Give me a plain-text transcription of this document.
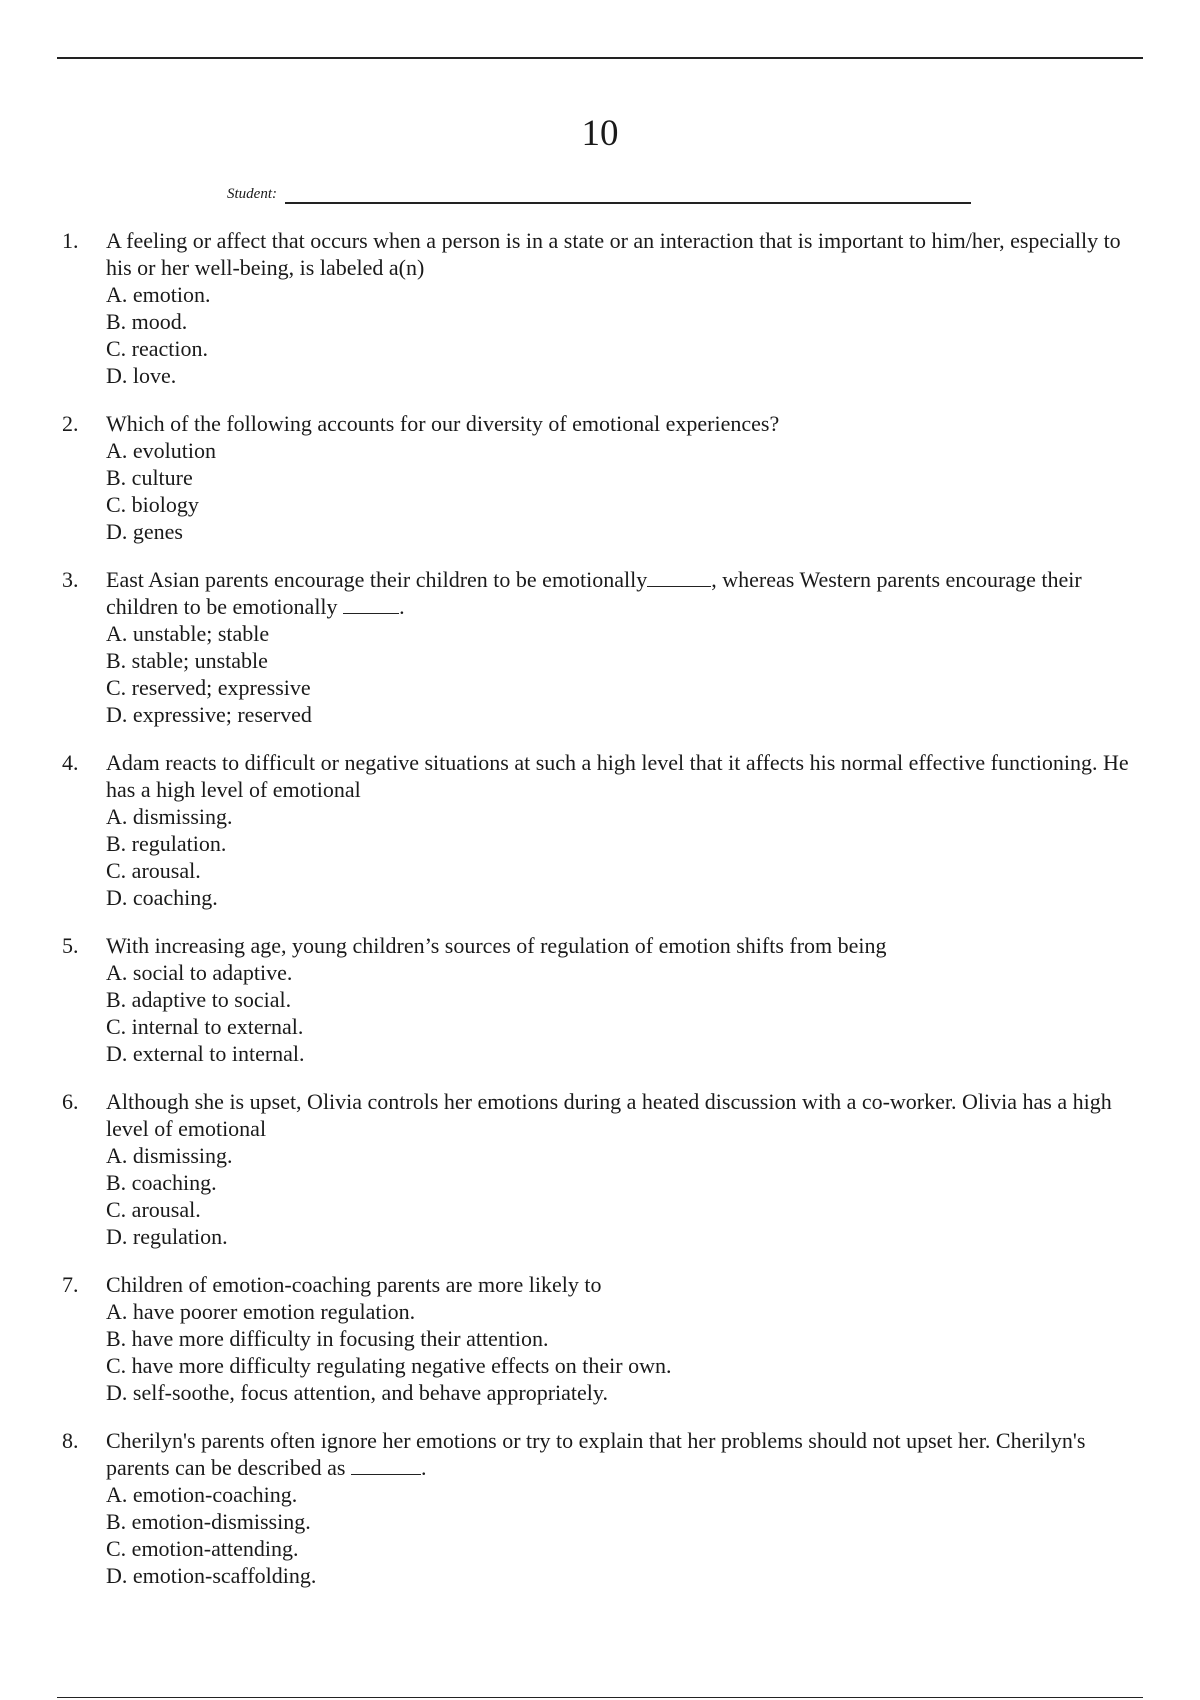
10
Student:
1. A feeling or affect that occurs when a person is in a state or an interaction that is important to him/her, especially to his or her well-being, is labeled a(n)
A. emotion.
B. mood.
C. reaction.
D. love.
2. Which of the following accounts for our diversity of emotional experiences?
A. evolution
B. culture
C. biology
D. genes
3. East Asian parents encourage their children to be emotionally	, whereas Western parents encourage their children to be emotionally	.
A. unstable; stable
B. stable; unstable
C. reserved; expressive
D. expressive; reserved
4. Adam reacts to difficult or negative situations at such a high level that it affects his normal effective functioning. He has a high level of emotional
A. dismissing.
B. regulation.
C. arousal.
D. coaching.
5. With increasing age, young children’s sources of regulation of emotion shifts from being
A. social to adaptive.
B. adaptive to social.
C. internal to external.
D. external to internal.
6. Although she is upset, Olivia controls her emotions during a heated discussion with a co-worker. Olivia has a high level of emotional
A. dismissing.
B. coaching.
C. arousal.
D. regulation.
7. Children of emotion-coaching parents are more likely to
A. have poorer emotion regulation.
B. have more difficulty in focusing their attention.
C. have more difficulty regulating negative effects on their own.
D. self-soothe, focus attention, and behave appropriately.
8. Cherilyn's parents often ignore her emotions or try to explain that her problems should not upset her. Cherilyn's parents can be described as	.
A. emotion-coaching.
B. emotion-dismissing.
C. emotion-attending.
D. emotion-scaffolding.
